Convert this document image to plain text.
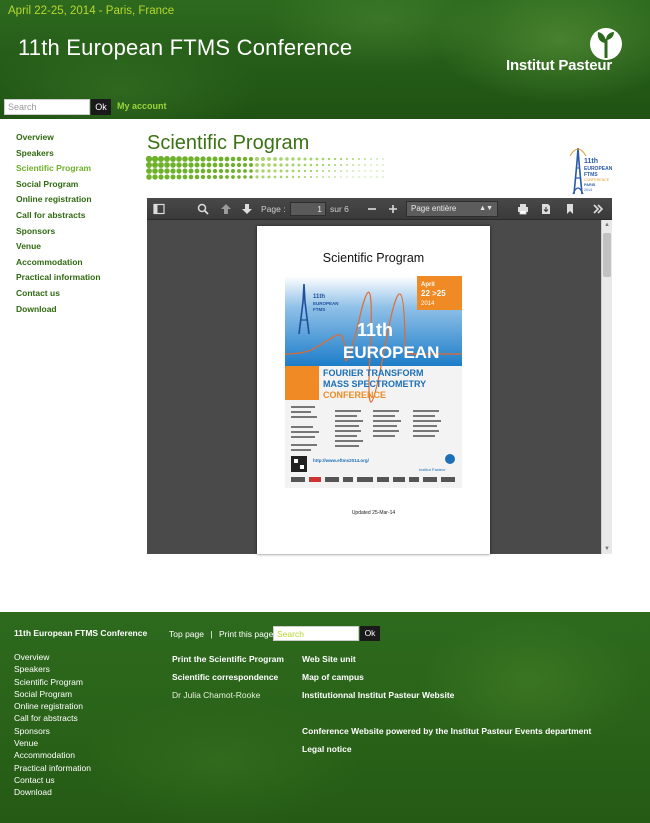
April 22-25, 2014 - Paris, France
11th European FTMS Conference
Institut Pasteur
Search
Ok	My account
Overview
Speakers
Scientific Program
Social Program
Online registration
Call for abstracts
Sponsors
Venue
Accommodation
Practical information
Contact us
Download
Scientific Program
11th
EUROPEAN
FTMS
CONFERENCE
PARIS
2014
Page :	1 sur 6	Page entière	▲▼
Scientific Program
11th
EUROPEAN
FTMS
April
22 >25
2014
11th
EUROPEAN
FOURIER TRANSFORM
MASS SPECTROMETRY
CONFERENCE
http://www.eftms2014.org/
Institut Pasteur
Updated 25-Mar-14
▲
▼
11th European FTMS Conference	Top page | Print this page
Search	Ok
Overview
Speakers
Scientific Program
Social Program
Online registration
Call for abstracts
Sponsors
Venue
Accommodation
Practical information
Contact us
Download
Print the Scientific Program
Scientific correspondence
Dr Julia Chamot-Rooke
Web Site unit
Map of campus
Institutionnal Institut Pasteur Website
Conference Website powered by the Institut Pasteur Events department
Legal notice
